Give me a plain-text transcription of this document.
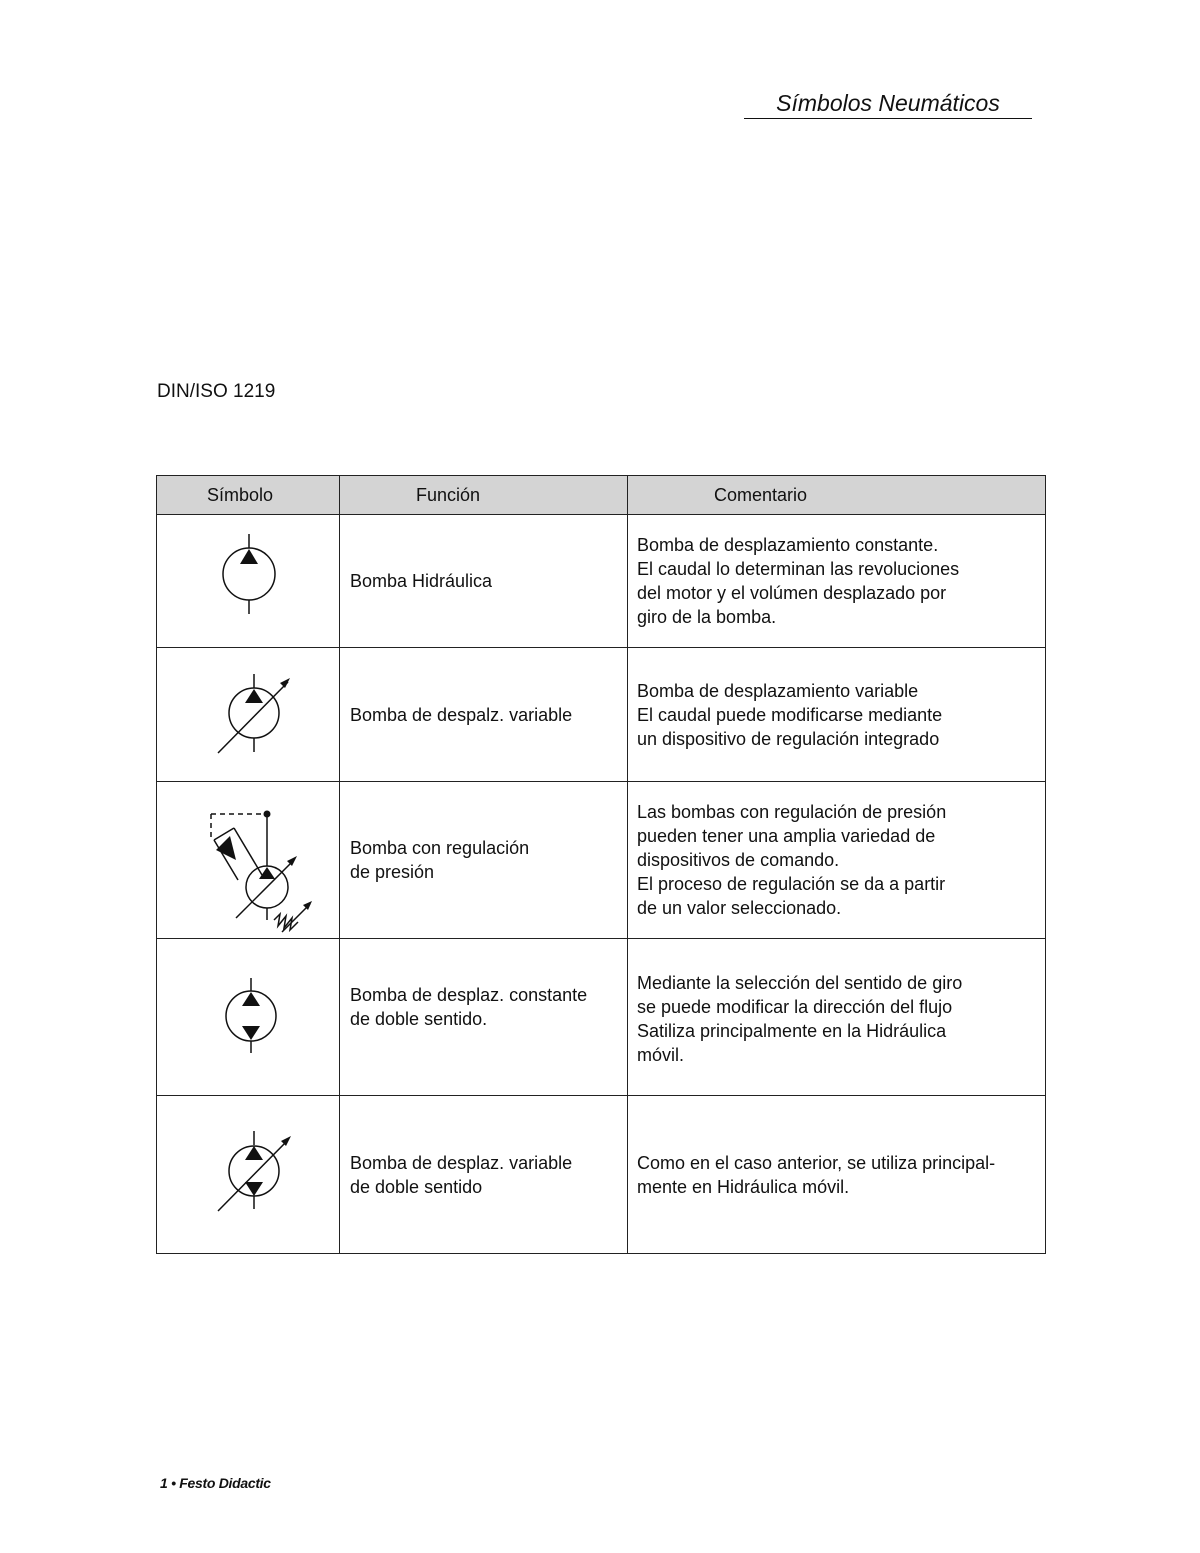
Símbolos Neumáticos
DIN/ISO 1219
Símbolo	Función	Comentario

	Bomba Hidráulica	Bomba de desplazamiento constante.
El caudal lo determinan las revoluciones
del motor y el volúmen desplazado por
giro de la bomba.

	Bomba de despalz. variable	Bomba de desplazamiento variable
El caudal puede modificarse mediante
un dispositivo de regulación integrado

	Bomba con regulación
de presión	Las bombas con regulación de presión
pueden tener una amplia variedad de
dispositivos de comando.
El proceso de regulación se da a partir
de un valor seleccionado.

	Bomba de desplaz. constante
de doble sentido.	Mediante la selección del sentido de giro
se puede modificar la dirección del flujo
Satiliza principalmente en la Hidráulica
móvil.

	Bomba de desplaz. variable
de doble sentido	Como en el caso anterior, se utiliza principal-
mente en Hidráulica móvil.
1 • Festo Didactic
